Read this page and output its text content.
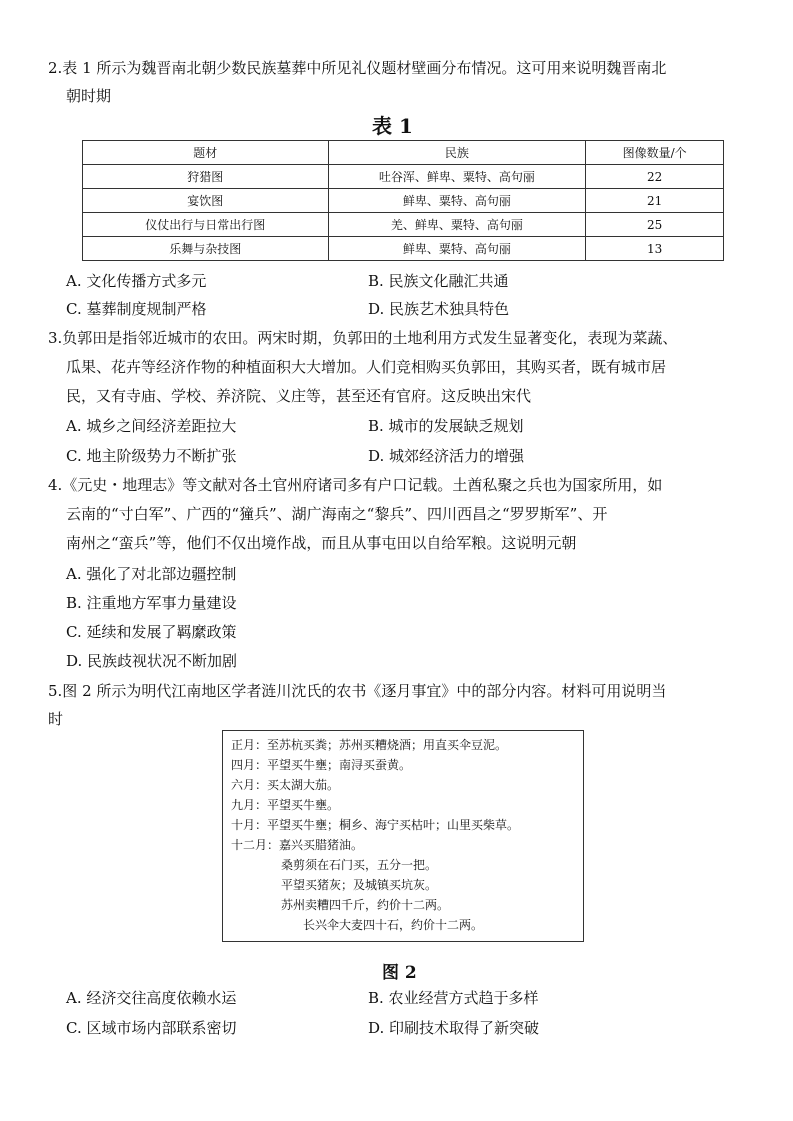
2.表 1 所示为魏晋南北朝少数民族墓葬中所见礼仪题材壁画分布情况。这可用来说明魏晋南北
朝时期
表 1
题材	民族	图像数量/个
狩猎图	吐谷浑、鲜卑、粟特、高句丽	22
宴饮图	鲜卑、粟特、高句丽	21
仪仗出行与日常出行图	羌、鲜卑、粟特、高句丽	25
乐舞与杂技图	鲜卑、粟特、高句丽	13
A. 文化传播方式多元	B. 民族文化融汇共通
C. 墓葬制度规制严格	D. 民族艺术独具特色
3.负郭田是指邻近城市的农田。两宋时期，负郭田的土地利用方式发生显著变化，表现为菜蔬、
瓜果、花卉等经济作物的种植面积大大增加。人们竞相购买负郭田，其购买者，既有城市居
民，又有寺庙、学校、养济院、义庄等，甚至还有官府。这反映出宋代
A. 城乡之间经济差距拉大	B. 城市的发展缺乏规划
C. 地主阶级势力不断扩张	D. 城郊经济活力的增强
4.《元史・地理志》等文献对各土官州府诸司多有户口记载。土酋私聚之兵也为国家所用，如
云南的“寸白军”、广西的“獞兵”、湖广海南之“黎兵”、四川西昌之“罗罗斯军”、开
南州之“蛮兵”等，他们不仅出境作战，而且从事屯田以自给军粮。这说明元朝
A. 强化了对北部边疆控制
B. 注重地方军事力量建设
C. 延续和发展了羁縻政策
D. 民族歧视状况不断加剧
5.图 2 所示为明代江南地区学者涟川沈氏的农书《逐月事宜》中的部分内容。材料可用说明当
时
正月：至苏杭买粪；苏州买糟烧酒；用直买伞豆泥。
四月：平望买牛壅；南浔买蚕黄。
六月：买太湖大茄。
九月：平望买牛壅。
十月：平望买牛壅；桐乡、海宁买枯叶；山里买柴草。
十二月：嘉兴买腊猪油。
桑剪须在石门买，五分一把。
平望买猪灰；及城镇买坑灰。
苏州卖糟四千斤，约价十二两。
长兴伞大麦四十石，约价十二两。
图 2
A. 经济交往高度依赖水运	B. 农业经营方式趋于多样
C. 区域市场内部联系密切	D. 印刷技术取得了新突破
